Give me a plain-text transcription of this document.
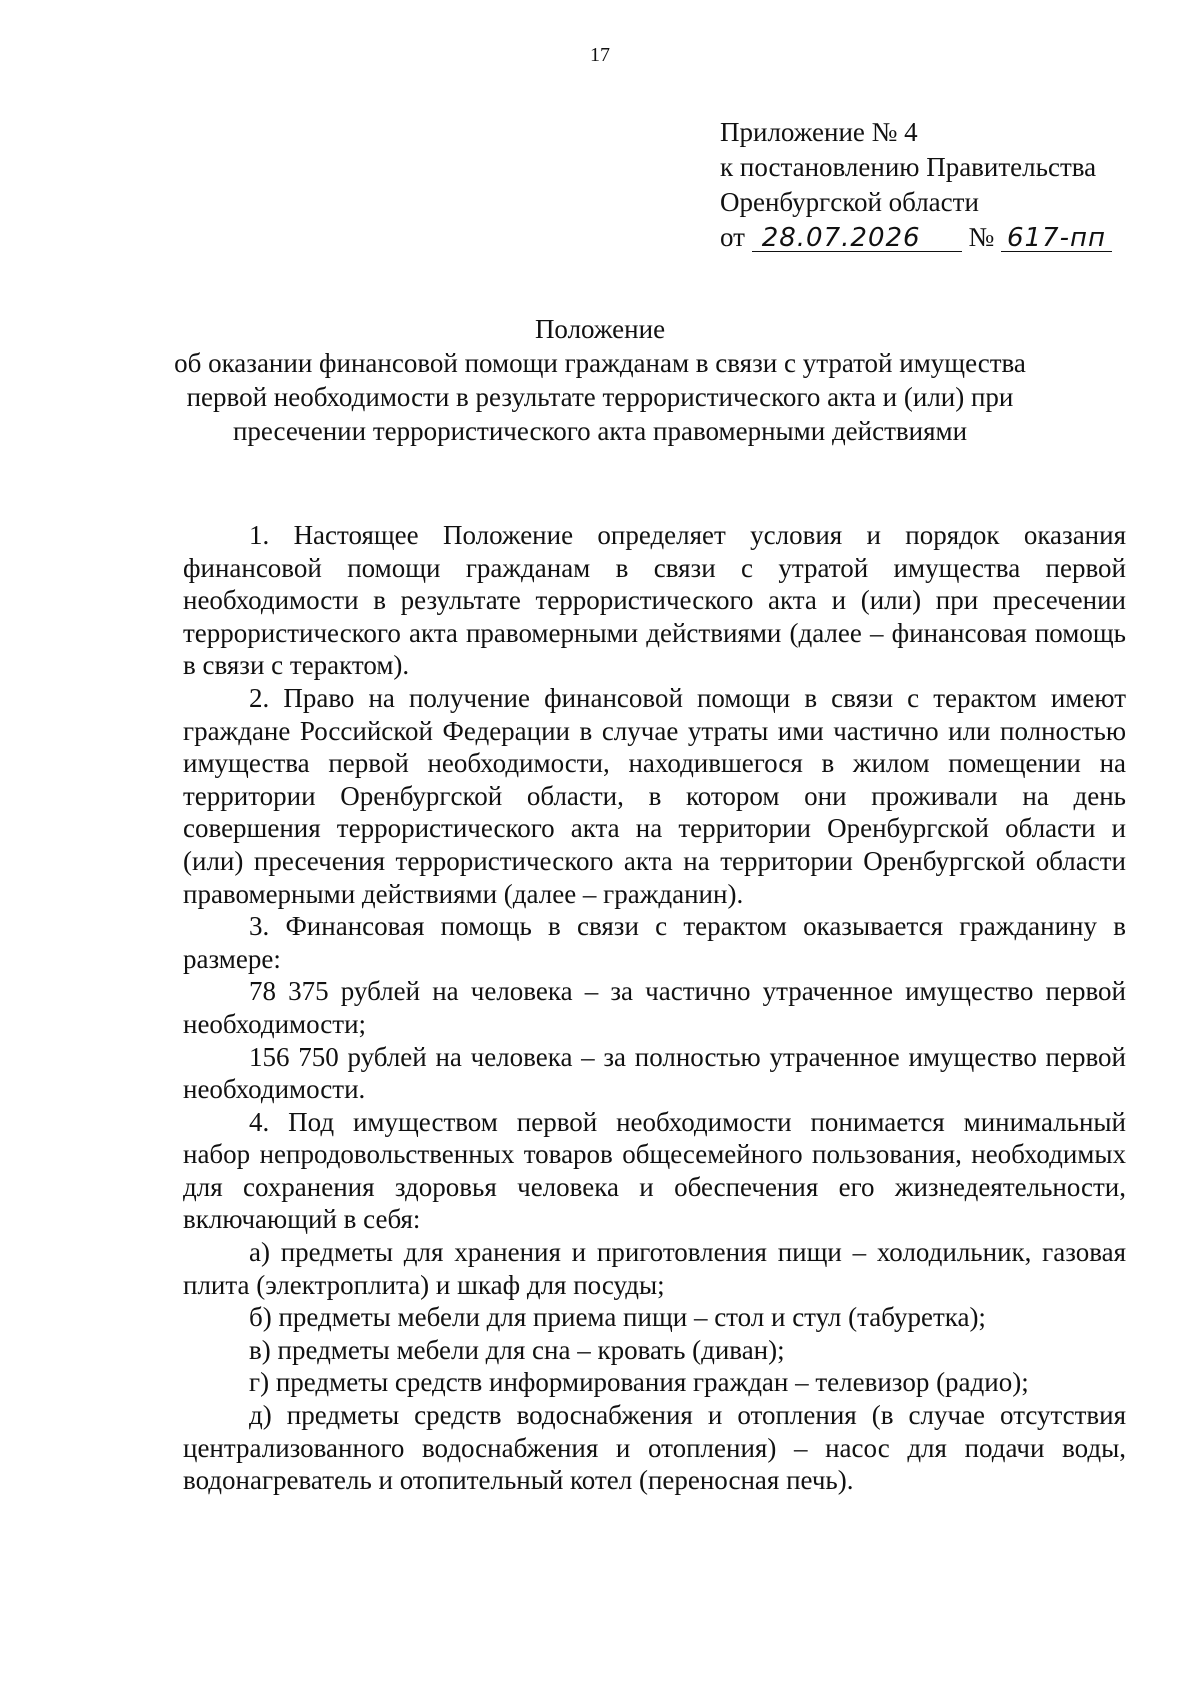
17
Приложение № 4
к постановлению Правительства
Оренбургской области
от 28.07.2026 № 617-пп
Положение
об оказании финансовой помощи гражданам в связи с утратой имущества
первой необходимости в результате террористического акта и (или) при
пресечении террористического акта правомерными действиями

1. Настоящее Положение определяет условия и порядок оказания финансовой помощи гражданам в связи с утратой имущества первой необходимости в результате террористического акта и (или) при пресечении террористического акта правомерными действиями (далее – финансовая помощь в связи с терактом).

2. Право на получение финансовой помощи в связи с терактом имеют граждане Российской Федерации в случае утраты ими частично или полностью имущества первой необходимости, находившегося в жилом помещении на территории Оренбургской области, в котором они проживали на день совершения террористического акта на территории Оренбургской области и (или) пресечения террористического акта на территории Оренбургской области правомерными действиями (далее – гражданин).

3. Финансовая помощь в связи с терактом оказывается гражданину в размере:

78 375 рублей на человека – за частично утраченное имущество первой необходимости;

156 750 рублей на человека – за полностью утраченное имущество первой необходимости.

4. Под имуществом первой необходимости понимается минимальный набор непродовольственных товаров общесемейного пользования, необходимых для сохранения здоровья человека и обеспечения его жизнедеятельности, включающий в себя:

а) предметы для хранения и приготовления пищи – холодильник, газовая плита (электроплита) и шкаф для посуды;

б) предметы мебели для приема пищи – стол и стул (табуретка);

в) предметы мебели для сна – кровать (диван);

г) предметы средств информирования граждан – телевизор (радио);

д) предметы средств водоснабжения и отопления (в случае отсутствия централизованного водоснабжения и отопления) – насос для подачи воды, водонагреватель и отопительный котел (переносная печь).
